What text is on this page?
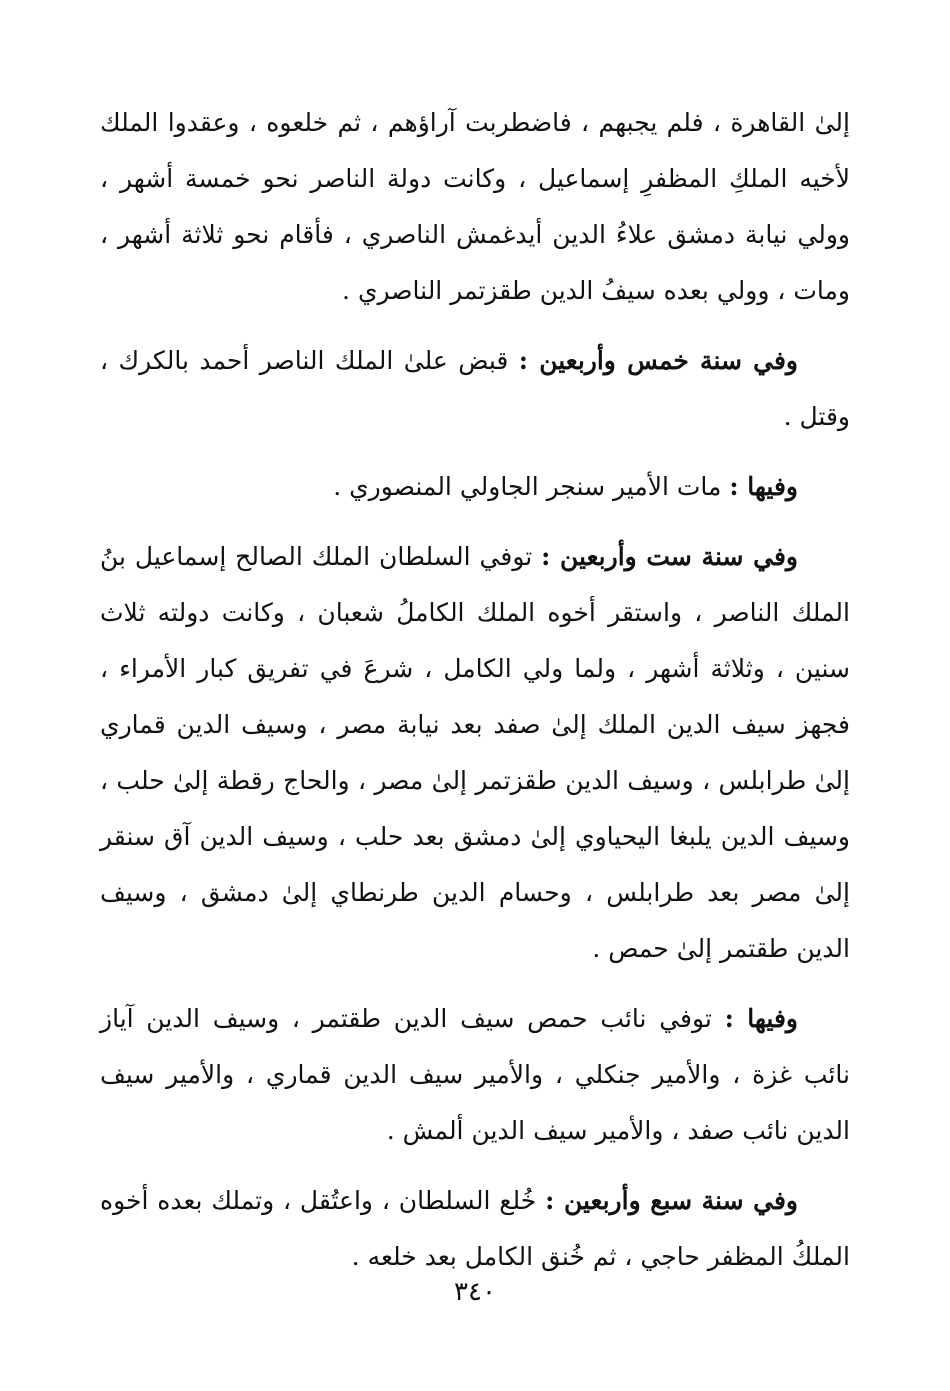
إلىٰ القاهرة ، فلم يجبهم ، فاضطربت آراؤهم ، ثم خلعوه ، وعقدوا الملك لأخيه الملكِ المظفرِ إسماعيل ، وكانت دولة الناصر نحو خمسة أشهر ، وولي نيابة دمشق علاءُ الدين أيدغمش الناصري ، فأقام نحو ثلاثة أشهر ، ومات ، وولي بعده سيفُ الدين طقزتمر الناصري .

وفي سنة خمس وأربعين : قبض علىٰ الملك الناصر أحمد بالكرك ، وقتل .

وفيها : مات الأمير سنجر الجاولي المنصوري .

وفي سنة ست وأربعين : توفي السلطان الملك الصالح إسماعيل بنُ الملك الناصر ، واستقر أخوه الملك الكاملُ شعبان ، وكانت دولته ثلاث سنين ، وثلاثة أشهر ، ولما ولي الكامل ، شرعَ في تفريق كبار الأمراء ، فجهز سيف الدين الملك إلىٰ صفد بعد نيابة مصر ، وسيف الدين قماري إلىٰ طرابلس ، وسيف الدين طقزتمر إلىٰ مصر ، والحاج رقطة إلىٰ حلب ، وسيف الدين يلبغا اليحياوي إلىٰ دمشق بعد حلب ، وسيف الدين آق سنقر إلىٰ مصر بعد طرابلس ، وحسام الدين طرنطاي إلىٰ دمشق ، وسيف الدين طقتمر إلىٰ حمص .

وفيها : توفي نائب حمص سيف الدين طقتمر ، وسيف الدين آياز نائب غزة ، والأمير جنكلي ، والأمير سيف الدين قماري ، والأمير سيف الدين نائب صفد ، والأمير سيف الدين ألمش .

وفي سنة سبع وأربعين : خُلع السلطان ، واعتُقل ، وتملك بعده أخوه الملكُ المظفر حاجي ، ثم خُنق الكامل بعد خلعه .

٣٤٠
